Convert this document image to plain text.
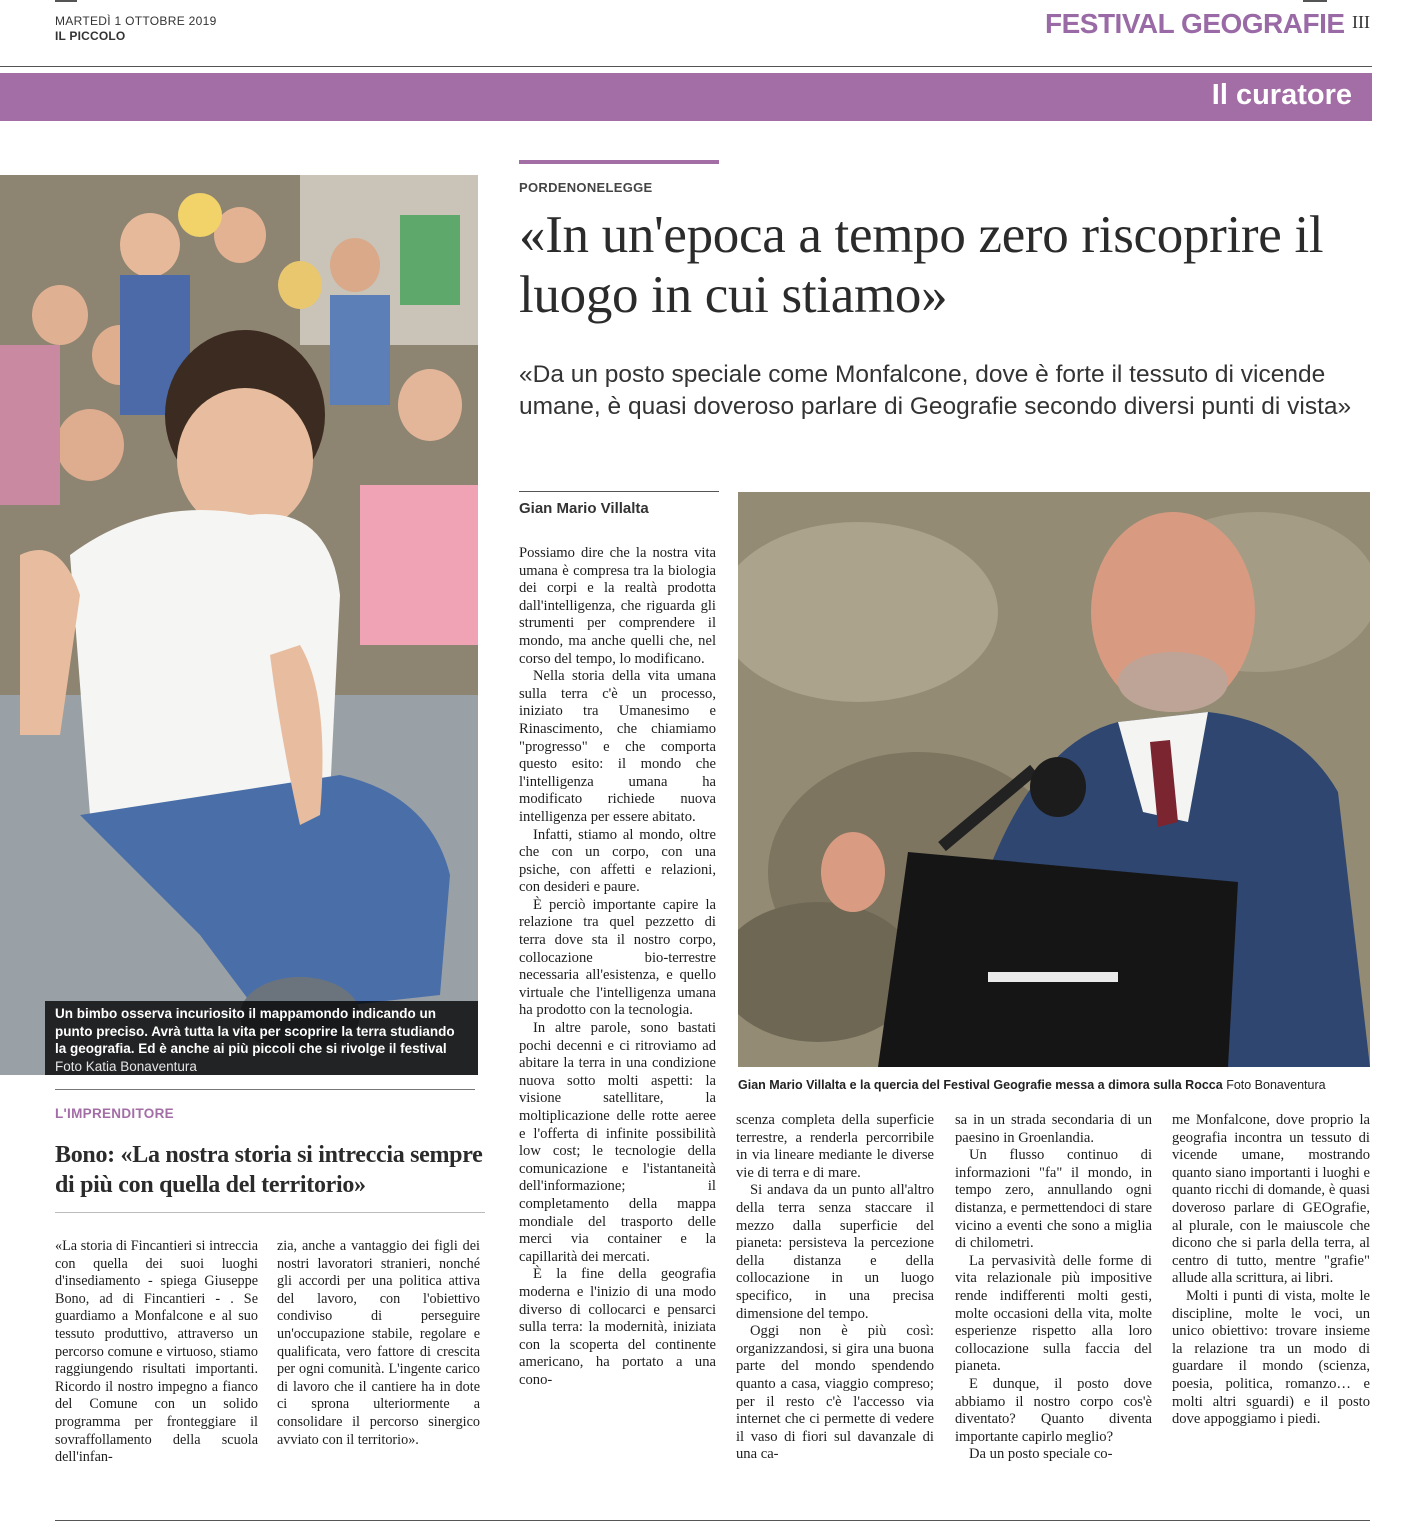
MARTEDÌ 1 OTTOBRE 2019
IL PICCOLO	FESTIVAL GEOGRAFIE III
Il curatore
Un bimbo osserva incuriosito il mappamondo indicando un punto preciso. Avrà tutta la vita per scoprire la terra studiando la geografia. Ed è anche ai più piccoli che si rivolge il festival Foto Katia Bonaventura
PORDENONELEGGE
«In un'epoca a tempo zero riscoprire il luogo in cui stiamo»
«Da un posto speciale come Monfalcone, dove è forte il tessuto di vicende umane, è quasi doveroso parlare di Geografie secondo diversi punti di vista»
Gian Mario Villalta
Gian Mario Villalta e la quercia del Festival Geografie messa a dimora sulla Rocca Foto Bonaventura

Possiamo dire che la nostra vita umana è compresa tra la biologia dei corpi e la realtà prodotta dall'intelligenza, che riguarda gli strumenti per comprendere il mondo, ma anche quelli che, nel corso del tempo, lo modificano.

Nella storia della vita umana sulla terra c'è un processo, iniziato tra Umanesimo e Rinascimento, che chiamiamo "progresso" e che comporta questo esito: il mondo che l'intelligenza umana ha modificato richiede nuova intelligenza per essere abitato.

Infatti, stiamo al mondo, oltre che con un corpo, con una psiche, con affetti e relazioni, con desideri e paure.

È perciò importante capire la relazione tra quel pezzetto di terra dove sta il nostro corpo, collocazione bio-terrestre necessaria all'esistenza, e quello virtuale che l'intelligenza umana ha prodotto con la tecnologia.

In altre parole, sono bastati pochi decenni e ci ritroviamo ad abitare la terra in una condizione nuova sotto molti aspetti: la visione satellitare, la moltiplicazione delle rotte aeree e l'offerta di infinite possibilità low cost; le tecnologie della comunicazione e l'istantaneità dell'informazione; il completamento della mappa mondiale del trasporto delle merci via container e la capillarità dei mercati.

È la fine della geografia moderna e l'inizio di una modo diverso di collocarci e pensarci sulla terra: la modernità, iniziata con la scoperta del continente americano, ha portato a una cono-

scenza completa della superficie terrestre, a renderla percorribile in via lineare mediante le diverse vie di terra e di mare.

Si andava da un punto all'altro della terra senza staccare il mezzo dalla superficie del pianeta: persisteva la percezione della distanza e della collocazione in un luogo specifico, in una precisa dimensione del tempo.

Oggi non è più così: organizzandosi, si gira una buona parte del mondo spendendo quanto a casa, viaggio compreso; per il resto c'è l'accesso via internet che ci permette di vedere il vaso di fiori sul davanzale di una ca-

sa in un strada secondaria di un paesino in Groenlandia.

Un flusso continuo di informazioni "fa" il mondo, in tempo zero, annullando ogni distanza, e permettendoci di stare vicino a eventi che sono a miglia di chilometri.

La pervasività delle forme di vita relazionale più impositive rende indifferenti molti gesti, molte occasioni della vita, molte esperienze rispetto alla loro collocazione sulla faccia del pianeta.

E dunque, il posto dove abbiamo il nostro corpo cos'è diventato? Quanto diventa importante capirlo meglio?

Da un posto speciale co-

me Monfalcone, dove proprio la geografia incontra un tessuto di vicende umane, mostrando quanto siano importanti i luoghi e quanto ricchi di domande, è quasi doveroso parlare di GEOgrafie, al plurale, con le maiuscole che dicono che si parla della terra, al centro di tutto, mentre "grafie" allude alla scrittura, ai libri.

Molti i punti di vista, molte le discipline, molte le voci, un unico obiettivo: trovare insieme la relazione tra un modo di guardare il mondo (scienza, poesia, politica, romanzo… e molti altri sguardi) e il posto dove appoggiamo i piedi.

L'IMPRENDITORE
Bono: «La nostra storia si intreccia sempre di più con quella del territorio»
«La storia di Fincantieri si intreccia con quella dei suoi luoghi d'insediamento - spiega Giuseppe Bono, ad di Fincantieri - . Se guardiamo a Monfalcone e al suo tessuto produttivo, attraverso un percorso comune e virtuoso, stiamo raggiungendo risultati importanti. Ricordo il nostro impegno a fianco del Comune con un solido programma per fronteggiare il sovraffollamento della scuola dell'infan-
zia, anche a vantaggio dei figli dei nostri lavoratori stranieri, nonché gli accordi per una politica attiva del lavoro, con l'obiettivo condiviso di perseguire un'occupazione stabile, regolare e qualificata, vero fattore di crescita per ogni comunità. L'ingente carico di lavoro che il cantiere ha in dote ci sprona ulteriormente a consolidare il percorso sinergico avviato con il territorio».
